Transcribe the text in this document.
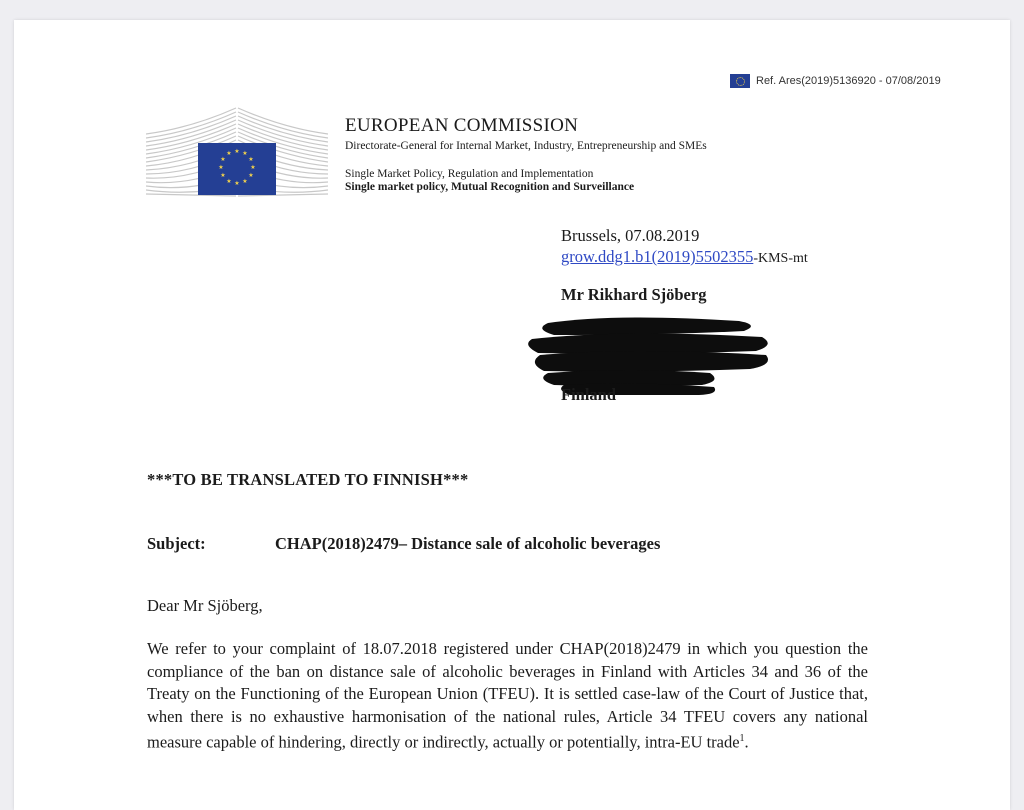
Ref. Ares(2019)5136920 - 07/08/2019
★ ★
★
★
★
★
★
★
★
★
★
★
EUROPEAN COMMISSION
Directorate-General for Internal Market, Industry, Entrepreneurship and SMEs
Single Market Policy, Regulation and Implementation
Single market policy, Mutual Recognition and Surveillance
Brussels, 07.08.2019
grow.ddg1.b1(2019)5502355-KMS-mt
Mr Rikhard Sjöberg
Finland
***TO BE TRANSLATED TO FINNISH***
Subject:	CHAP(2018)2479– Distance sale of alcoholic beverages
Dear Mr Sjöberg,
We refer to your complaint of 18.07.2018 registered under CHAP(2018)2479 in which you question the compliance of the ban on distance sale of alcoholic beverages in Finland with Articles 34 and 36 of the Treaty on the Functioning of the European Union (TFEU). It is settled case-law of the Court of Justice that, when there is no exhaustive harmonisation of the national rules, Article 34 TFEU covers any national measure capable of hindering, directly or indirectly, actually or potentially, intra-EU trade$^1$.
